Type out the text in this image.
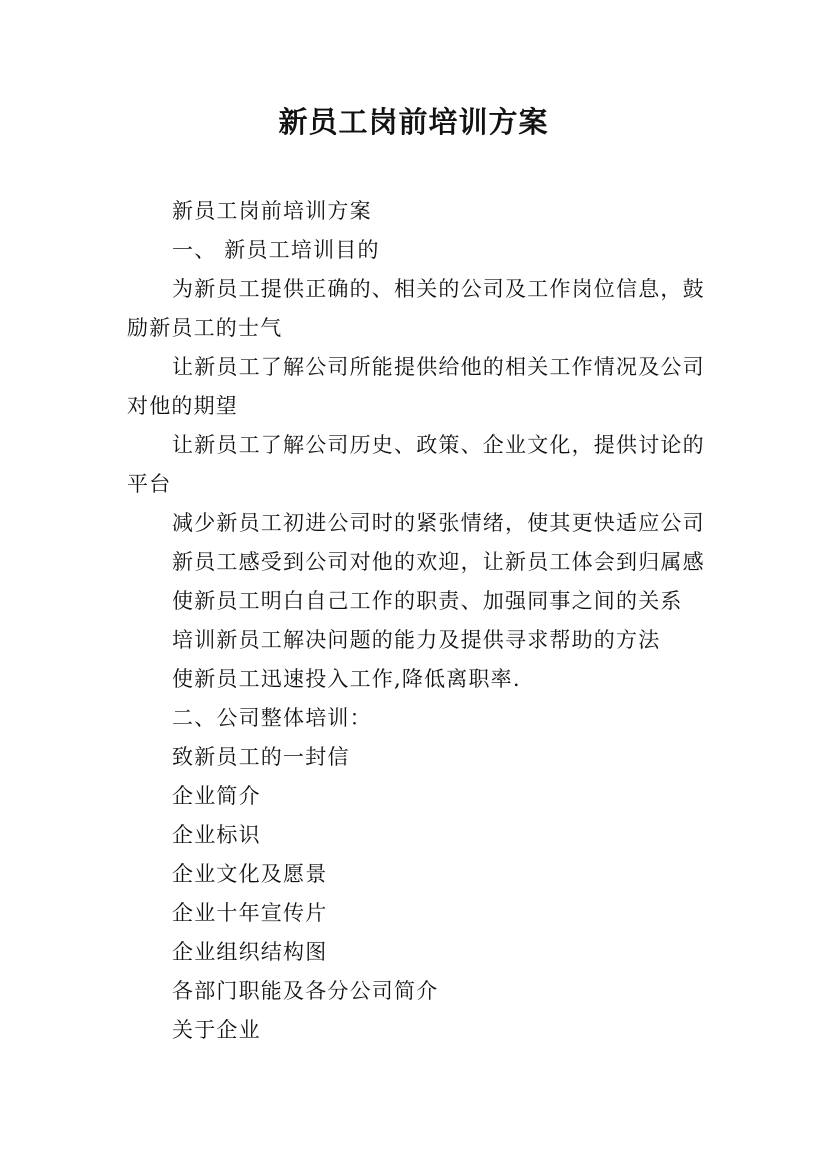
新员工岗前培训方案

新员工岗前培训方案

一、 新员工培训目的

为新员工提供正确的、相关的公司及工作岗位信息，鼓励新员工的士气

让新员工了解公司所能提供给他的相关工作情况及公司对他的期望

让新员工了解公司历史、政策、企业文化，提供讨论的平台

减少新员工初进公司时的紧张情绪，使其更快适应公司

新员工感受到公司对他的欢迎，让新员工体会到归属感

使新员工明白自己工作的职责、加强同事之间的关系

培训新员工解决问题的能力及提供寻求帮助的方法

使新员工迅速投入工作,降低离职率.

二、公司整体培训：

致新员工的一封信

企业简介

企业标识

企业文化及愿景

企业十年宣传片

企业组织结构图

各部门职能及各分公司简介

关于企业
